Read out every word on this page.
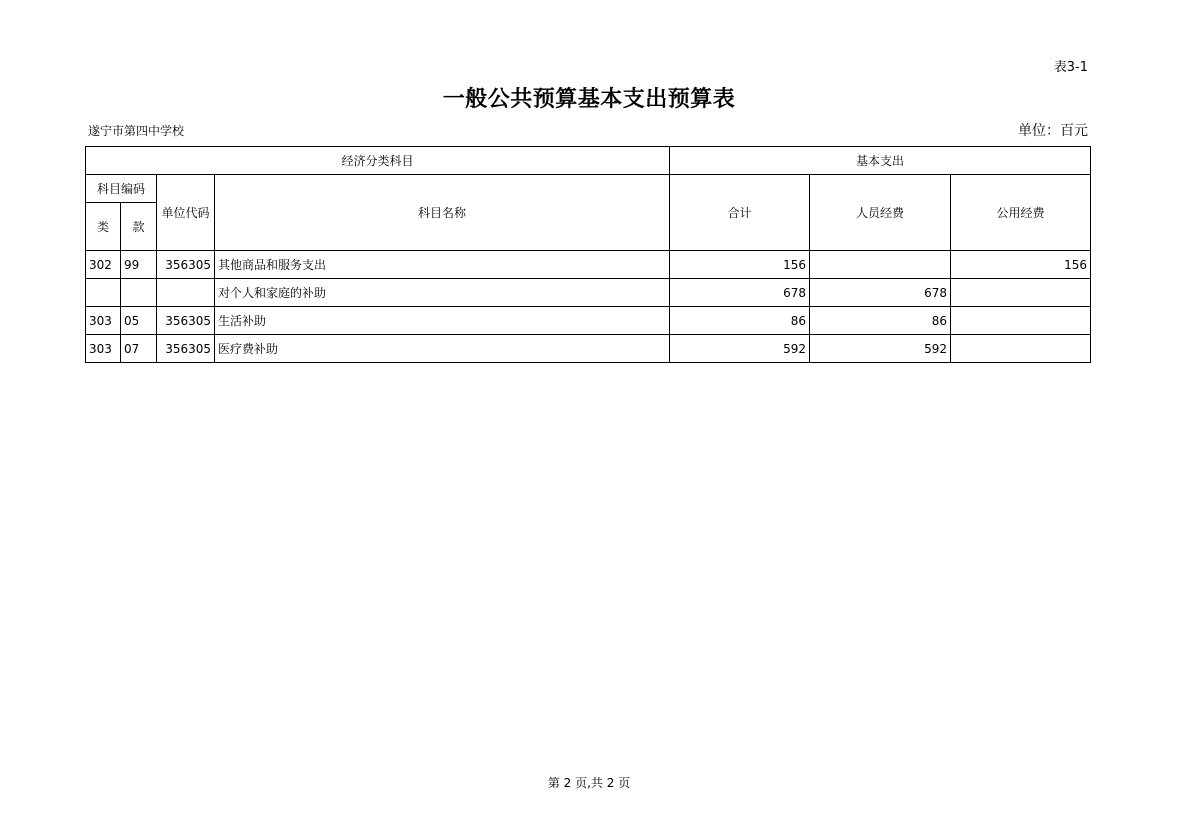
表3-1
一般公共预算基本支出预算表
遂宁市第四中学校	单位：百元
经济分类科目				基本支出		
科目编码		单位代码	科目名称	合计	人员经费	公用经费
类	款					
302	99	356305	其他商品和服务支出	156		156
			对个人和家庭的补助	678	678	
303	05	356305	生活补助	86	86	
303	07	356305	医疗费补助	592	592	
第 2 页,共 2 页
